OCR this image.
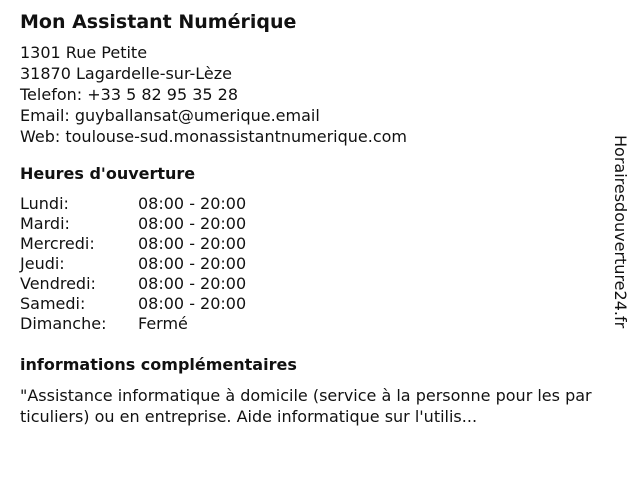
Mon Assistant Numérique
1301 Rue Petite
31870 Lagardelle-sur-Lèze
Telefon: +33 5 82 95 35 28
Email: guyballansat@umerique.email
Web: toulouse-sud.monassistantnumerique.com
Heures d'ouverture
Lundi:	08:00 - 20:00
Mardi:	08:00 - 20:00
Mercredi:	08:00 - 20:00
Jeudi:	08:00 - 20:00
Vendredi:	08:00 - 20:00
Samedi:	08:00 - 20:00
Dimanche:	Fermé
informations complémentaires
"Assistance informatique à domicile (service à la personne pour les particuliers) ou en entreprise. Aide informatique sur l'utilis...
Horairesdouverture24.fr
